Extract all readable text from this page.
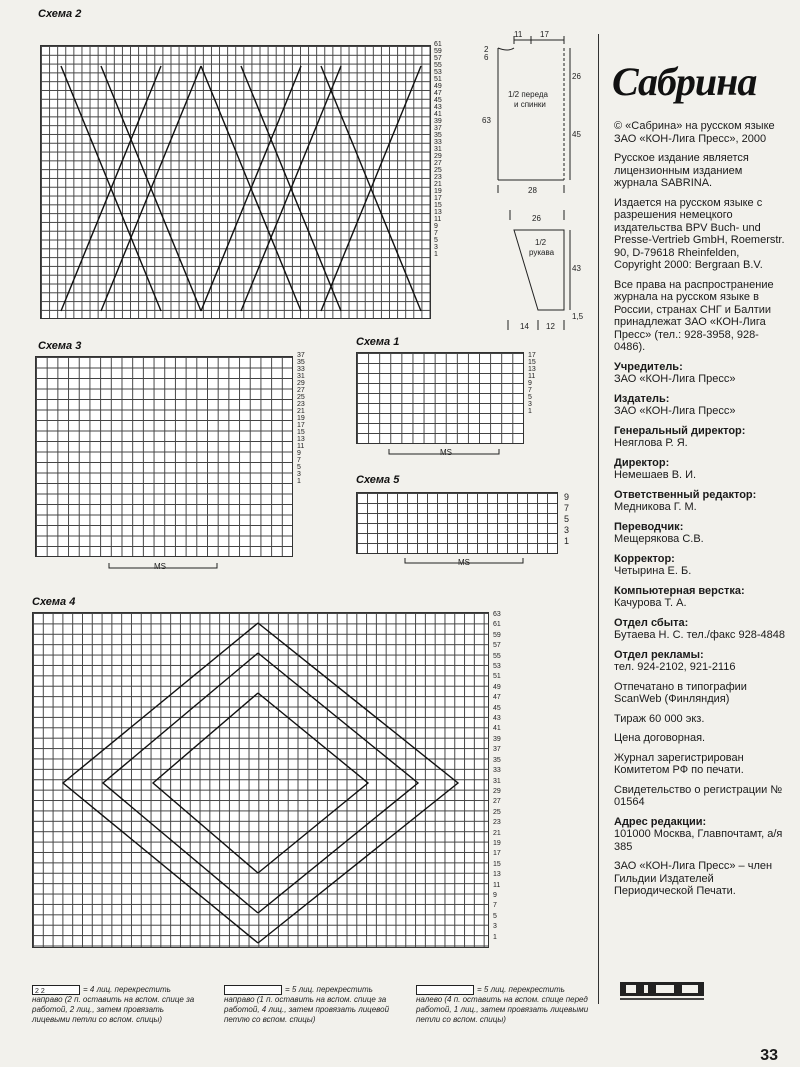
Схема 2
61
59
57
55
53
51
49
47
45
43
41
39
37
35
33
31
29
27
25
23
21
19
17
15
13
11
9
7
5
3
1
11 17
2
6
1/2 переда
и спинки
63
26
45
28
26
1/2
рукава
43
1,5
14 12
Сабрина

© «Сабрина» на русском языке ЗАО «КОН-Лига Пресс», 2000

Русское издание является лицензионным изданием журнала SABRINA.

Издается на русском языке с разрешения немецкого издательства BPV Buch- und Presse-Vertrieb GmbH, Roemerstr. 90, D-79618 Rheinfelden, Copyright 2000: Bergraan B.V.

Все права на распространение журнала на русском языке в России, странах СНГ и Балтии принадлежат ЗАО «КОН-Лига Пресс» (тел.: 928-3958, 928-0486).

Учредитель:
ЗАО «КОН-Лига Пресс»

Издатель:
ЗАО «КОН-Лига Пресс»

Генеральный директор:
Неяглова Р. Я.

Директор:
Немешаев В. И.

Ответственный редактор:
Медникова Г. М.

Переводчик:
Мещерякова С.В.

Корректор:
Четырина Е. Б.

Компьютерная верстка:
Качурова Т. А.

Отдел сбыта:
Бутаева Н. С. тел./факс 928-4848

Отдел рекламы:
тел. 924-2102, 921-2116

Отпечатано в типографии ScanWeb (Финляндия)

Тираж 60 000 экз.

Цена договорная.

Журнал зарегистрирован Комитетом РФ по печати.

Свидетельство о регистрации № 01564

Адрес редакции:
101000 Москва, Главпочтамт, а/я 385

ЗАО «КОН-Лига Пресс» – член Гильдии Издателей Периодической Печати.

Схема 3
37
35
33
31
29
27
25
23
21
19
17
15
13
11
9
7
5
3
1
MS
Схема 1
17
15
13
11
9
7
5
3
1
MS
Схема 5
9
7
5
3
1
MS
Схема 4
63
61
59
57
55
53
51
49
47
45
43
41
39
37
35
33
31
29
27
25
23
21
19
17
15
13
11
9
7
5
3
1
2 2	= 4 лиц. перекрестить направо (2 п. оставить на вспом. спице за работой, 2 лиц., затем провязать лицевыми петли со вспом. спицы)
= 5 лиц. перекрестить направо (1 п. оставить на вспом. спице за работой, 4 лиц., затем провязать лицевой петлю со вспом. спицы)
= 5 лиц. перекрестить налево (4 п. оставить на вспом. спице перед работой, 1 лиц., затем провязать лицевыми петли со вспом. спицы)
33
